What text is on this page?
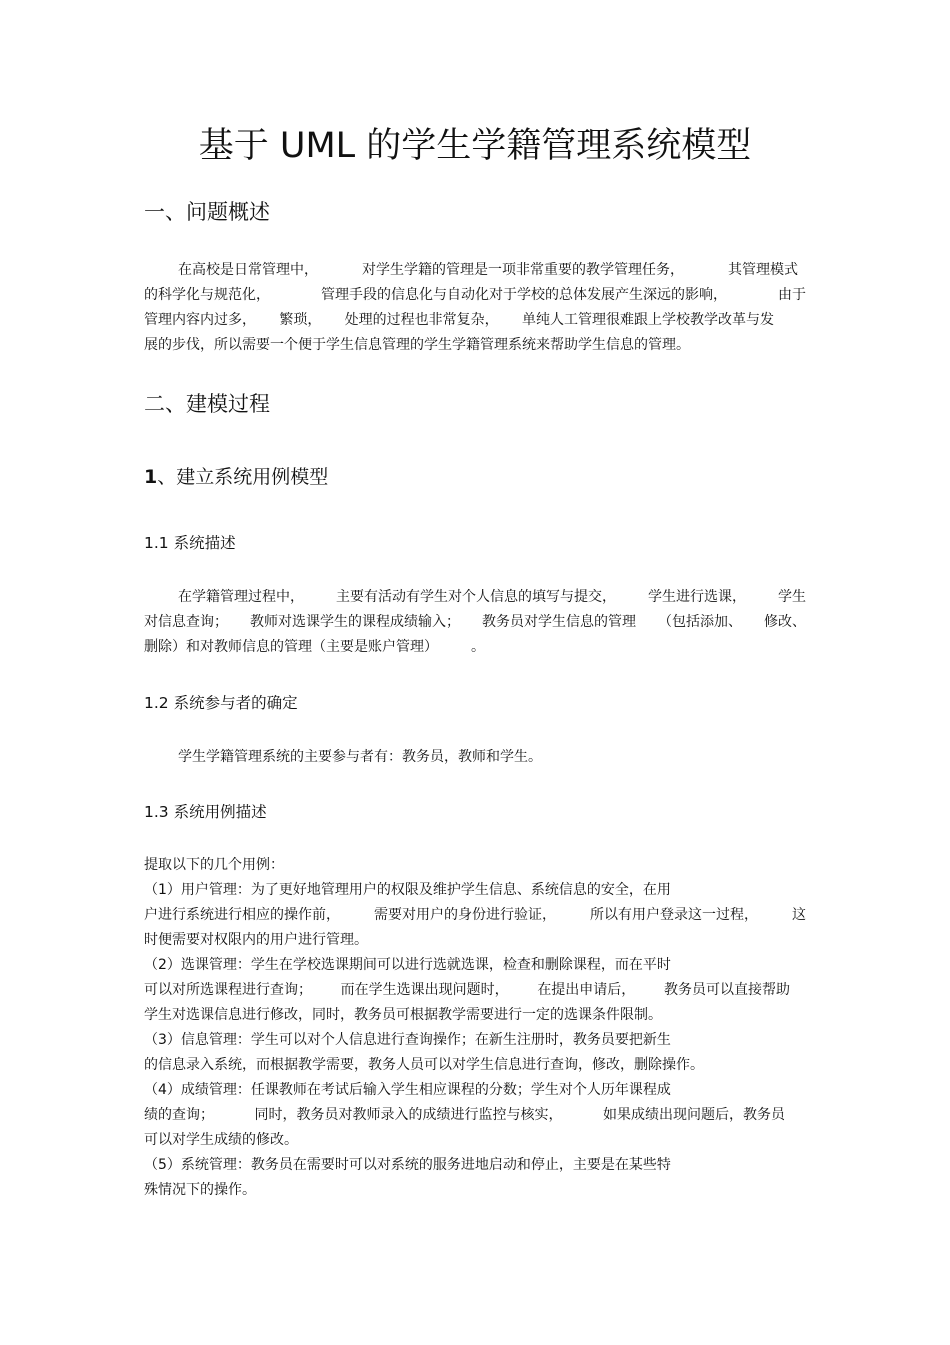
基于 UML 的学生学籍管理系统模型
一、问题概述
在高校是日常管理中，	对学生学籍的管理是一项非常重要的教学管理任务，	其管理模式
的科学化与规范化，	管理手段的信息化与自动化对于学校的总体发展产生深远的影响，	由于
管理内容内过多， 繁琐， 处理的过程也非常复杂， 单纯人工管理很难跟上学校教学改革与发
展的步伐，所以需要一个便于学生信息管理的学生学籍管理系统来帮助学生信息的管理。
二、建模过程
1、建立系统用例模型
1.1 系统描述
在学籍管理过程中， 主要有活动有学生对个人信息的填写与提交， 学生进行选课， 学生
对信息查询； 教师对选课学生的课程成绩输入； 教务员对学生信息的管理 （包括添加、 修改、
删除）和对教师信息的管理（主要是账户管理）	。
1.2 系统参与者的确定
学生学籍管理系统的主要参与者有：教务员，教师和学生。
1.3 系统用例描述
提取以下的几个用例：
（1）用户管理：为了更好地管理用户的权限及维护学生信息、系统信息的安全，在用
户进行系统进行相应的操作前， 需要对用户的身份进行验证， 所以有用户登录这一过程， 这
时便需要对权限内的用户进行管理。
（2）选课管理：学生在学校选课期间可以进行选就选课，检查和删除课程，而在平时
可以对所选课程进行查询； 而在学生选课出现问题时， 在提出申请后， 教务员可以直接帮助
学生对选课信息进行修改，同时，教务员可根据教学需要进行一定的选课条件限制。
（3）信息管理：学生可以对个人信息进行查询操作；在新生注册时，教务员要把新生
的信息录入系统，而根据教学需要，教务人员可以对学生信息进行查询，修改，删除操作。
（4）成绩管理：任课教师在考试后输入学生相应课程的分数；学生对个人历年课程成
绩的查询；	同时，教务员对教师录入的成绩进行监控与核实，	如果成绩出现问题后，教务员
可以对学生成绩的修改。
（5）系统管理：教务员在需要时可以对系统的服务进地启动和停止，主要是在某些特
殊情况下的操作。
